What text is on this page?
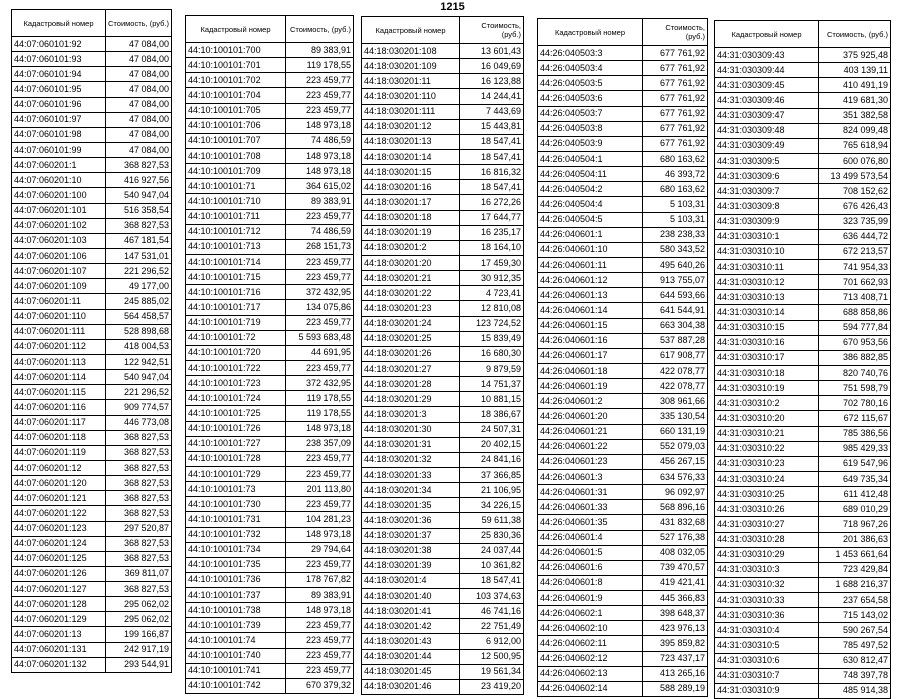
1215
Кадастровый номер	Стоимость, (руб.)
44:07:060101:92	47 084,00
44:07:060101:93	47 084,00
44:07:060101:94	47 084,00
44:07:060101:95	47 084,00
44:07:060101:96	47 084,00
44:07:060101:97	47 084,00
44:07:060101:98	47 084,00
44:07:060101:99	47 084,00
44:07:060201:1	368 827,53
44:07:060201:10	416 927,56
44:07:060201:100	540 947,04
44:07:060201:101	516 358,54
44:07:060201:102	368 827,53
44:07:060201:103	467 181,54
44:07:060201:106	147 531,01
44:07:060201:107	221 296,52
44:07:060201:109	49 177,00
44:07:060201:11	245 885,02
44:07:060201:110	564 458,57
44:07:060201:111	528 898,68
44:07:060201:112	418 004,53
44:07:060201:113	122 942,51
44:07:060201:114	540 947,04
44:07:060201:115	221 296,52
44:07:060201:116	909 774,57
44:07:060201:117	446 773,08
44:07:060201:118	368 827,53
44:07:060201:119	368 827,53
44:07:060201:12	368 827,53
44:07:060201:120	368 827,53
44:07:060201:121	368 827,53
44:07:060201:122	368 827,53
44:07:060201:123	297 520,87
44:07:060201:124	368 827,53
44:07:060201:125	368 827,53
44:07:060201:126	369 811,07
44:07:060201:127	368 827,53
44:07:060201:128	295 062,02
44:07:060201:129	295 062,02
44:07:060201:13	199 166,87
44:07:060201:131	242 917,19
44:07:060201:132	293 544,91
Кадастровый номер	Стоимость, (руб.)
44:10:100101:700	89 383,91
44:10:100101:701	119 178,55
44:10:100101:702	223 459,77
44:10:100101:704	223 459,77
44:10:100101:705	223 459,77
44:10:100101:706	148 973,18
44:10:100101:707	74 486,59
44:10:100101:708	148 973,18
44:10:100101:709	148 973,18
44:10:100101:71	364 615,02
44:10:100101:710	89 383,91
44:10:100101:711	223 459,77
44:10:100101:712	74 486,59
44:10:100101:713	268 151,73
44:10:100101:714	223 459,77
44:10:100101:715	223 459,77
44:10:100101:716	372 432,95
44:10:100101:717	134 075,86
44:10:100101:719	223 459,77
44:10:100101:72	5 593 683,48
44:10:100101:720	44 691,95
44:10:100101:722	223 459,77
44:10:100101:723	372 432,95
44:10:100101:724	119 178,55
44:10:100101:725	119 178,55
44:10:100101:726	148 973,18
44:10:100101:727	238 357,09
44:10:100101:728	223 459,77
44:10:100101:729	223 459,77
44:10:100101:73	201 113,80
44:10:100101:730	223 459,77
44:10:100101:731	104 281,23
44:10:100101:732	148 973,18
44:10:100101:734	29 794,64
44:10:100101:735	223 459,77
44:10:100101:736	178 767,82
44:10:100101:737	89 383,91
44:10:100101:738	148 973,18
44:10:100101:739	223 459,77
44:10:100101:74	223 459,77
44:10:100101:740	223 459,77
44:10:100101:741	223 459,77
44:10:100101:742	670 379,32
Кадастровый номер	Стоимость, (руб.)
44:18:030201:108	13 601,43
44:18:030201:109	16 049,69
44:18:030201:11	16 123,88
44:18:030201:110	14 244,41
44:18:030201:111	7 443,69
44:18:030201:12	15 443,81
44:18:030201:13	18 547,41
44:18:030201:14	18 547,41
44:18:030201:15	16 816,32
44:18:030201:16	18 547,41
44:18:030201:17	16 272,26
44:18:030201:18	17 644,77
44:18:030201:19	16 235,17
44:18:030201:2	18 164,10
44:18:030201:20	17 459,30
44:18:030201:21	30 912,35
44:18:030201:22	4 723,41
44:18:030201:23	12 810,08
44:18:030201:24	123 724,52
44:18:030201:25	15 839,49
44:18:030201:26	16 680,30
44:18:030201:27	9 879,59
44:18:030201:28	14 751,37
44:18:030201:29	10 881,15
44:18:030201:3	18 386,67
44:18:030201:30	24 507,31
44:18:030201:31	20 402,15
44:18:030201:32	24 841,16
44:18:030201:33	37 366,85
44:18:030201:34	21 106,95
44:18:030201:35	34 226,15
44:18:030201:36	59 611,38
44:18:030201:37	25 830,36
44:18:030201:38	24 037,44
44:18:030201:39	10 361,82
44:18:030201:4	18 547,41
44:18:030201:40	103 374,63
44:18:030201:41	46 741,16
44:18:030201:42	22 751,49
44:18:030201:43	6 912,00
44:18:030201:44	12 500,95
44:18:030201:45	19 561,34
44:18:030201:46	23 419,20
Кадастровый номер	Стоимость, (руб.)
44:26:040503:3	677 761,92
44:26:040503:4	677 761,92
44:26:040503:5	677 761,92
44:26:040503:6	677 761,92
44:26:040503:7	677 761,92
44:26:040503:8	677 761,92
44:26:040503:9	677 761,92
44:26:040504:1	680 163,62
44:26:040504:11	46 393,72
44:26:040504:2	680 163,62
44:26:040504:4	5 103,31
44:26:040504:5	5 103,31
44:26:040601:1	238 238,33
44:26:040601:10	580 343,52
44:26:040601:11	495 640,26
44:26:040601:12	913 755,07
44:26:040601:13	644 593,66
44:26:040601:14	641 544,91
44:26:040601:15	663 304,38
44:26:040601:16	537 887,28
44:26:040601:17	617 908,77
44:26:040601:18	422 078,77
44:26:040601:19	422 078,77
44:26:040601:2	308 961,66
44:26:040601:20	335 130,54
44:26:040601:21	660 131,19
44:26:040601:22	552 079,03
44:26:040601:23	456 267,15
44:26:040601:3	634 576,33
44:26:040601:31	96 092,97
44:26:040601:33	568 896,16
44:26:040601:35	431 832,68
44:26:040601:4	527 176,38
44:26:040601:5	408 032,05
44:26:040601:6	739 470,57
44:26:040601:8	419 421,41
44:26:040601:9	445 366,83
44:26:040602:1	398 648,37
44:26:040602:10	423 976,13
44:26:040602:11	395 859,82
44:26:040602:12	723 437,17
44:26:040602:13	413 265,16
44:26:040602:14	588 289,19
Кадастровый номер	Стоимость, (руб.)
44:31:030309:43	375 925,48
44:31:030309:44	403 139,11
44:31:030309:45	410 491,19
44:31:030309:46	419 681,30
44:31:030309:47	351 382,58
44:31:030309:48	824 099,48
44:31:030309:49	765 618,94
44:31:030309:5	600 076,80
44:31:030309:6	13 499 573,54
44:31:030309:7	708 152,62
44:31:030309:8	676 426,43
44:31:030309:9	323 735,99
44:31:030310:1	636 444,72
44:31:030310:10	672 213,57
44:31:030310:11	741 954,33
44:31:030310:12	701 662,93
44:31:030310:13	713 408,71
44:31:030310:14	688 858,86
44:31:030310:15	594 777,84
44:31:030310:16	670 953,56
44:31:030310:17	386 882,85
44:31:030310:18	820 740,76
44:31:030310:19	751 598,79
44:31:030310:2	702 780,16
44:31:030310:20	672 115,67
44:31:030310:21	785 386,56
44:31:030310:22	985 429,33
44:31:030310:23	619 547,96
44:31:030310:24	649 735,34
44:31:030310:25	611 412,48
44:31:030310:26	689 010,29
44:31:030310:27	718 967,26
44:31:030310:28	201 386,63
44:31:030310:29	1 453 661,64
44:31:030310:3	723 429,84
44:31:030310:32	1 688 216,37
44:31:030310:33	237 654,58
44:31:030310:36	715 143,02
44:31:030310:4	590 267,54
44:31:030310:5	785 497,52
44:31:030310:6	630 812,47
44:31:030310:7	748 397,78
44:31:030310:9	485 914,38
